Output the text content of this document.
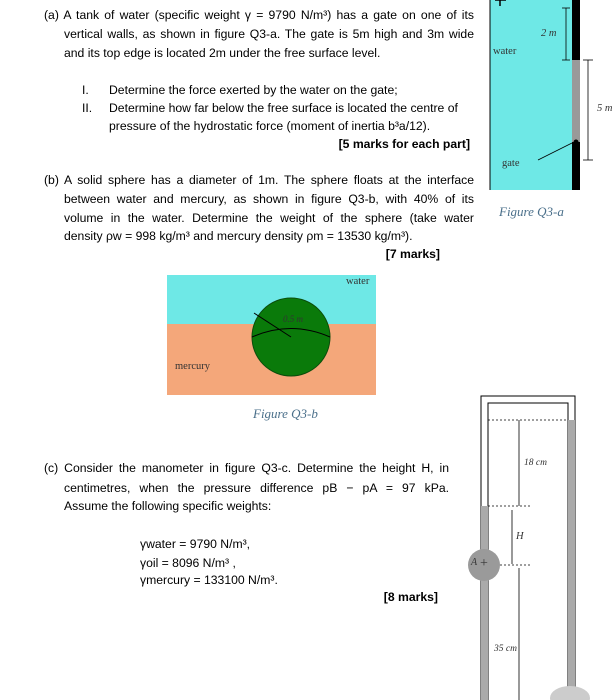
(a) A tank of water (specific weight γ = 9790 N/m³) has a gate on one of its
vertical walls, as shown in figure Q3-a. The gate is 5m high and 3m wide
and its top edge is located 2m under the free surface level.
I. Determine the force exerted by the water on the gate;
II. Determine how far below the free surface is located the centre of
pressure of the hydrostatic force (moment of inertia b³a/12).
[5 marks for each part]
water
gate
2 m
5 m
Figure Q3-a
(b) A solid sphere has a diameter of 1m. The sphere floats at the interface
between water and mercury, as shown in figure Q3-b, with 40% of its
volume in the water. Determine the weight of the sphere (take water
density ρw = 998 kg/m³ and mercury density ρm = 13530 kg/m³).
[7 marks]
water
mercury
0.5 m
Figure Q3-b
(c) Consider the manometer in figure Q3-c. Determine the height H, in
centimetres, when the pressure difference pB − pA = 97 kPa.
Assume the following specific weights:
γwater = 9790 N/m³,
γoil = 8096 N/m³ ,
γmercury = 133100 N/m³.
[8 marks]
18 cm
H
35 cm
A +
